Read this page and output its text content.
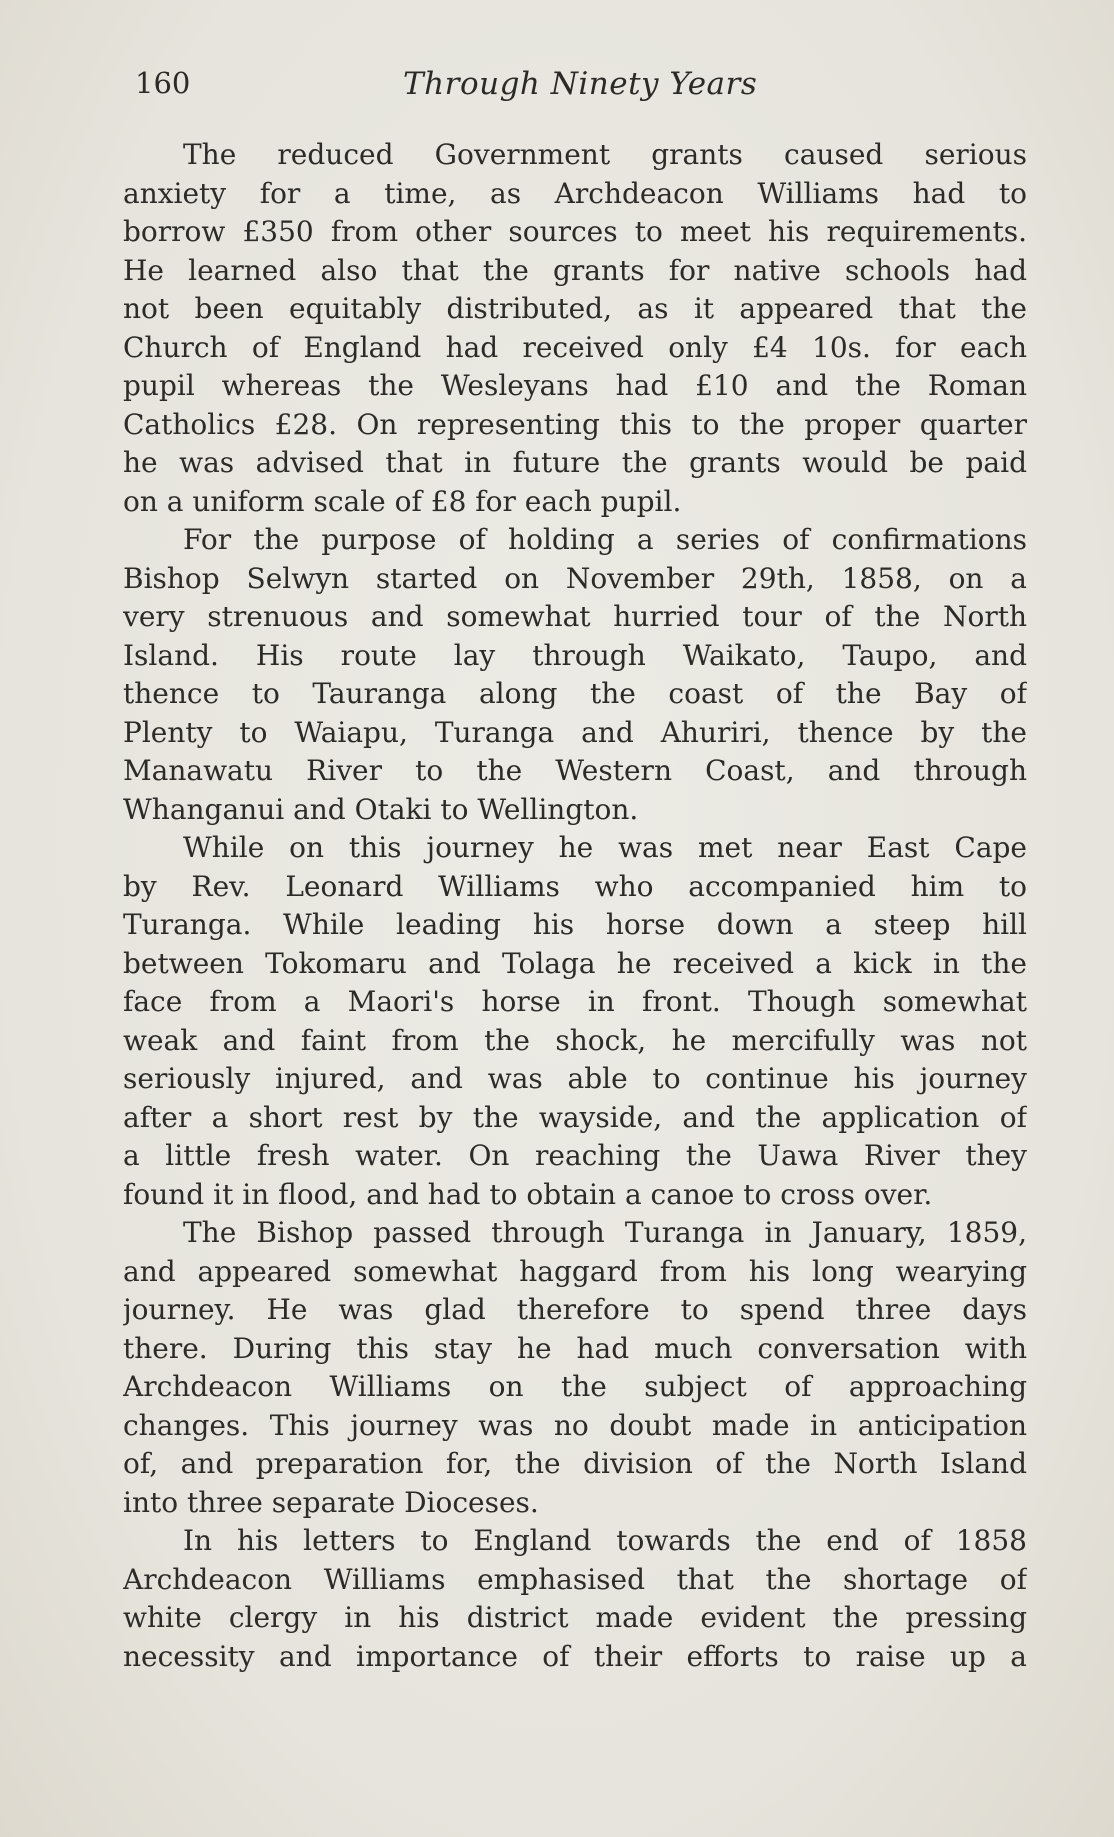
160	Through Ninety Years
The reduced Government grants caused serious
anxiety for a time, as Archdeacon Williams had to
borrow £350 from other sources to meet his requirements.
He learned also that the grants for native schools had
not been equitably distributed, as it appeared that the
Church of England had received only £4 10s. for each
pupil whereas the Wesleyans had £10 and the Roman
Catholics £28. On representing this to the proper quarter
he was advised that in future the grants would be paid
on a uniform scale of £8 for each pupil.
For the purpose of holding a series of confirmations
Bishop Selwyn started on November 29th, 1858, on a
very strenuous and somewhat hurried tour of the North
Island. His route lay through Waikato, Taupo, and
thence to Tauranga along the coast of the Bay of
Plenty to Waiapu, Turanga and Ahuriri, thence by the
Manawatu River to the Western Coast, and through
Whanganui and Otaki to Wellington.
While on this journey he was met near East Cape
by Rev. Leonard Williams who accompanied him to
Turanga. While leading his horse down a steep hill
between Tokomaru and Tolaga he received a kick in the
face from a Maori's horse in front. Though somewhat
weak and faint from the shock, he mercifully was not
seriously injured, and was able to continue his journey
after a short rest by the wayside, and the application of
a little fresh water. On reaching the Uawa River they
found it in flood, and had to obtain a canoe to cross over.
The Bishop passed through Turanga in January, 1859,
and appeared somewhat haggard from his long wearying
journey. He was glad therefore to spend three days
there. During this stay he had much conversation with
Archdeacon Williams on the subject of approaching
changes. This journey was no doubt made in anticipation
of, and preparation for, the division of the North Island
into three separate Dioceses.
In his letters to England towards the end of 1858
Archdeacon Williams emphasised that the shortage of
white clergy in his district made evident the pressing
necessity and importance of their efforts to raise up a
